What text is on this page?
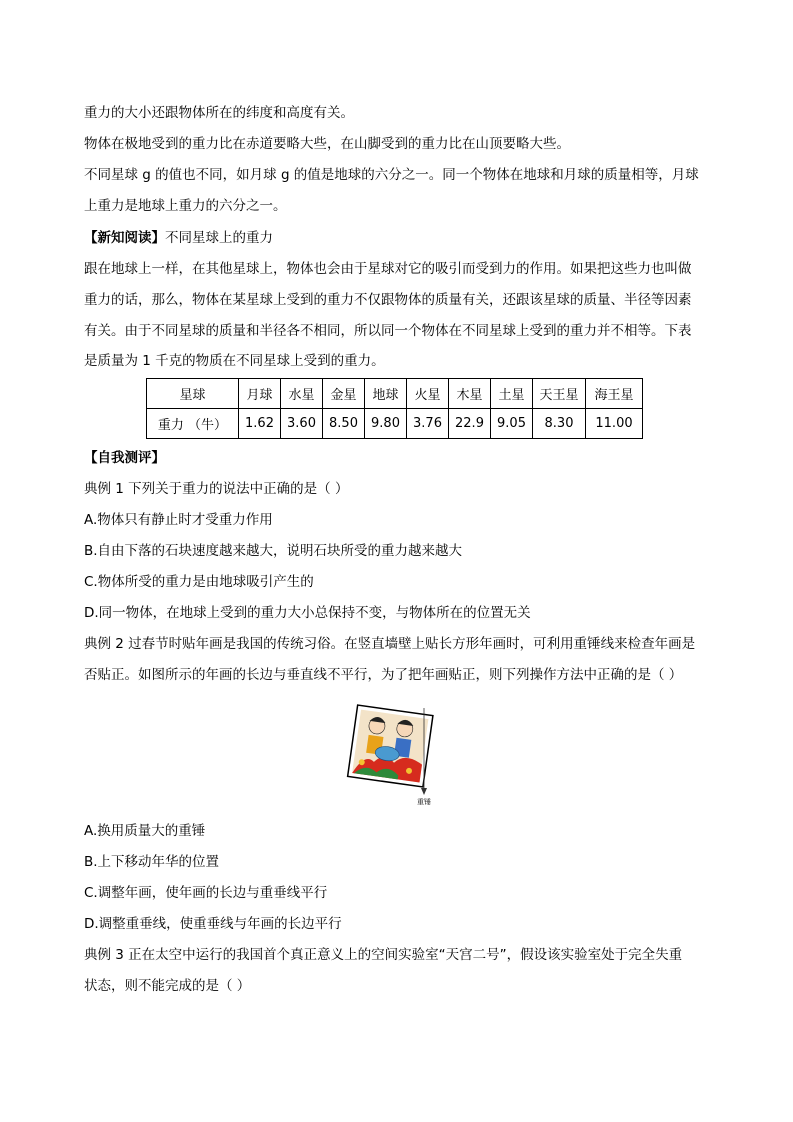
重力的大小还跟物体所在的纬度和高度有关。
物体在极地受到的重力比在赤道要略大些，在山脚受到的重力比在山顶要略大些。
不同星球 g 的值也不同，如月球 g 的值是地球的六分之一。同一个物体在地球和月球的质量相等，月球
上重力是地球上重力的六分之一。
【新知阅读】不同星球上的重力
跟在地球上一样，在其他星球上，物体也会由于星球对它的吸引而受到力的作用。如果把这些力也叫做
重力的话，那么，物体在某星球上受到的重力不仅跟物体的质量有关，还跟该星球的质量、半径等因素
有关。由于不同星球的质量和半径各不相同，所以同一个物体在不同星球上受到的重力并不相等。下表
是质量为 1 千克的物质在不同星球上受到的重力。
星球	月球	水星	金星	地球	火星	木星	土星	天王星	海王星
重力 （牛）	1.62	3.60	8.50	9.80	3.76	22.9	9.05	8.30	11.00
【自我测评】
典例 1 下列关于重力的说法中正确的是（ ）
A.物体只有静止时才受重力作用
B.自由下落的石块速度越来越大，说明石块所受的重力越来越大
C.物体所受的重力是由地球吸引产生的
D.同一物体，在地球上受到的重力大小总保持不变，与物体所在的位置无关
典例 2 过春节时贴年画是我国的传统习俗。在竖直墙壁上贴长方形年画时，可利用重锤线来检查年画是
否贴正。如图所示的年画的长边与垂直线不平行，为了把年画贴正，则下列操作方法中正确的是（ ）
重锤
A.换用质量大的重锤
B.上下移动年华的位置
C.调整年画，使年画的长边与重垂线平行
D.调整重垂线，使重垂线与年画的长边平行
典例 3 正在太空中运行的我国首个真正意义上的空间实验室“天宫二号”，假设该实验室处于完全失重
状态，则不能完成的是（ ）
